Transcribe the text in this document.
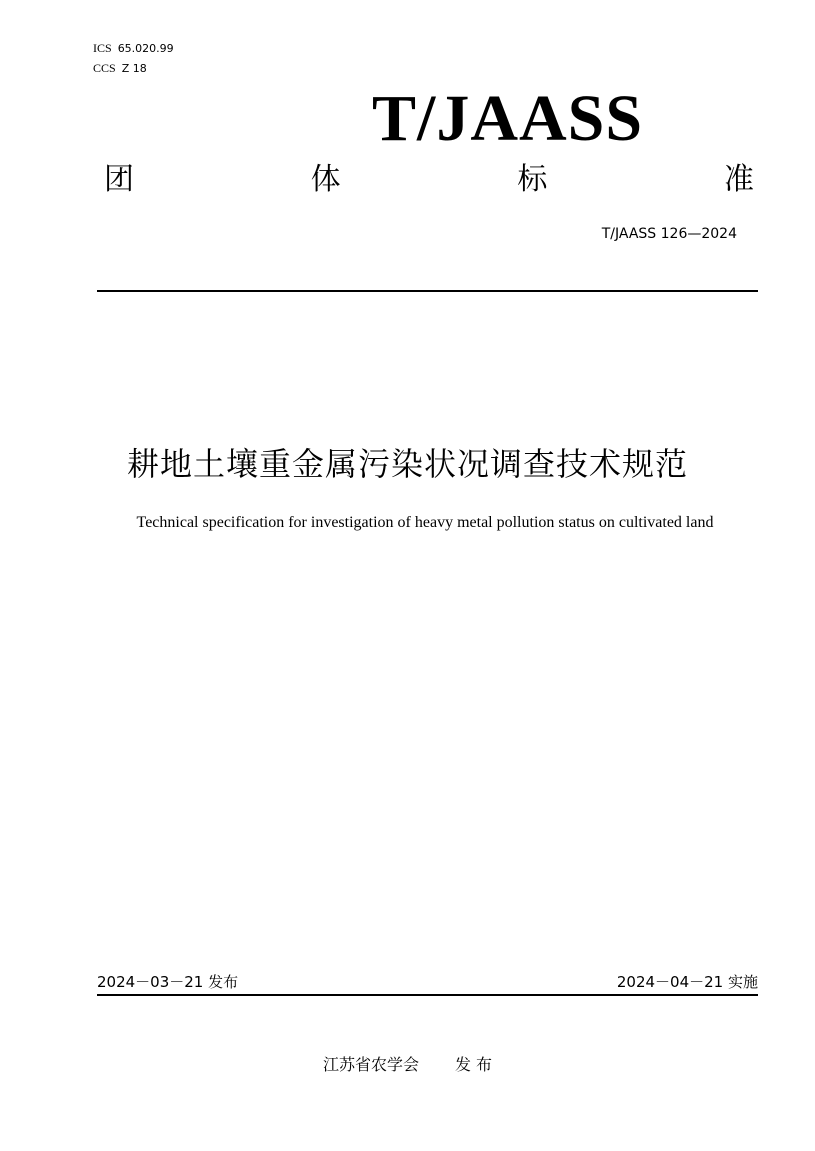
ICS 65.020.99
CCS Z 18
T/JAASS
团	体	标	准
T/JAASS 126—2024
耕地土壤重金属污染状况调查技术规范
Technical specification for investigation of heavy metal pollution status on cultivated land
2024－03－21 发布	2024－04－21 实施
江苏省农学会 发 布
